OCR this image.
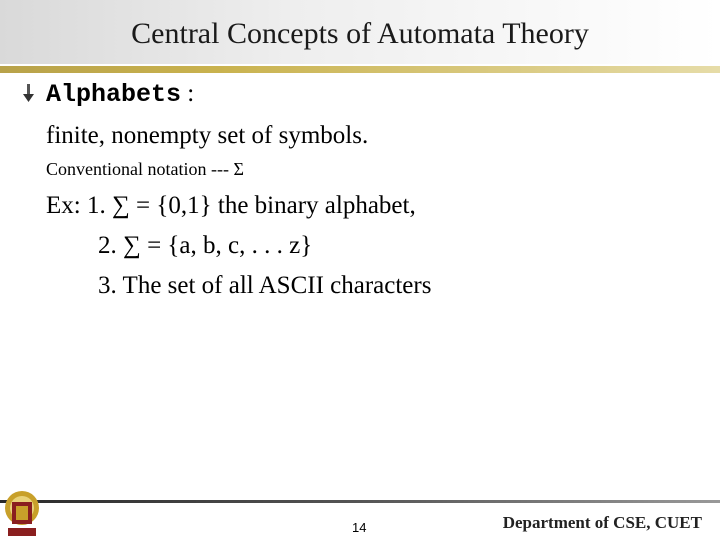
Central Concepts of Automata Theory
Alphabets :
finite, nonempty set of symbols.
Conventional notation --- Σ
Ex: 1. ∑ = {0,1} the binary alphabet,
2. ∑ = {a, b, c, . . . z}
3. The set of all ASCII characters
14	Department of CSE, CUET
